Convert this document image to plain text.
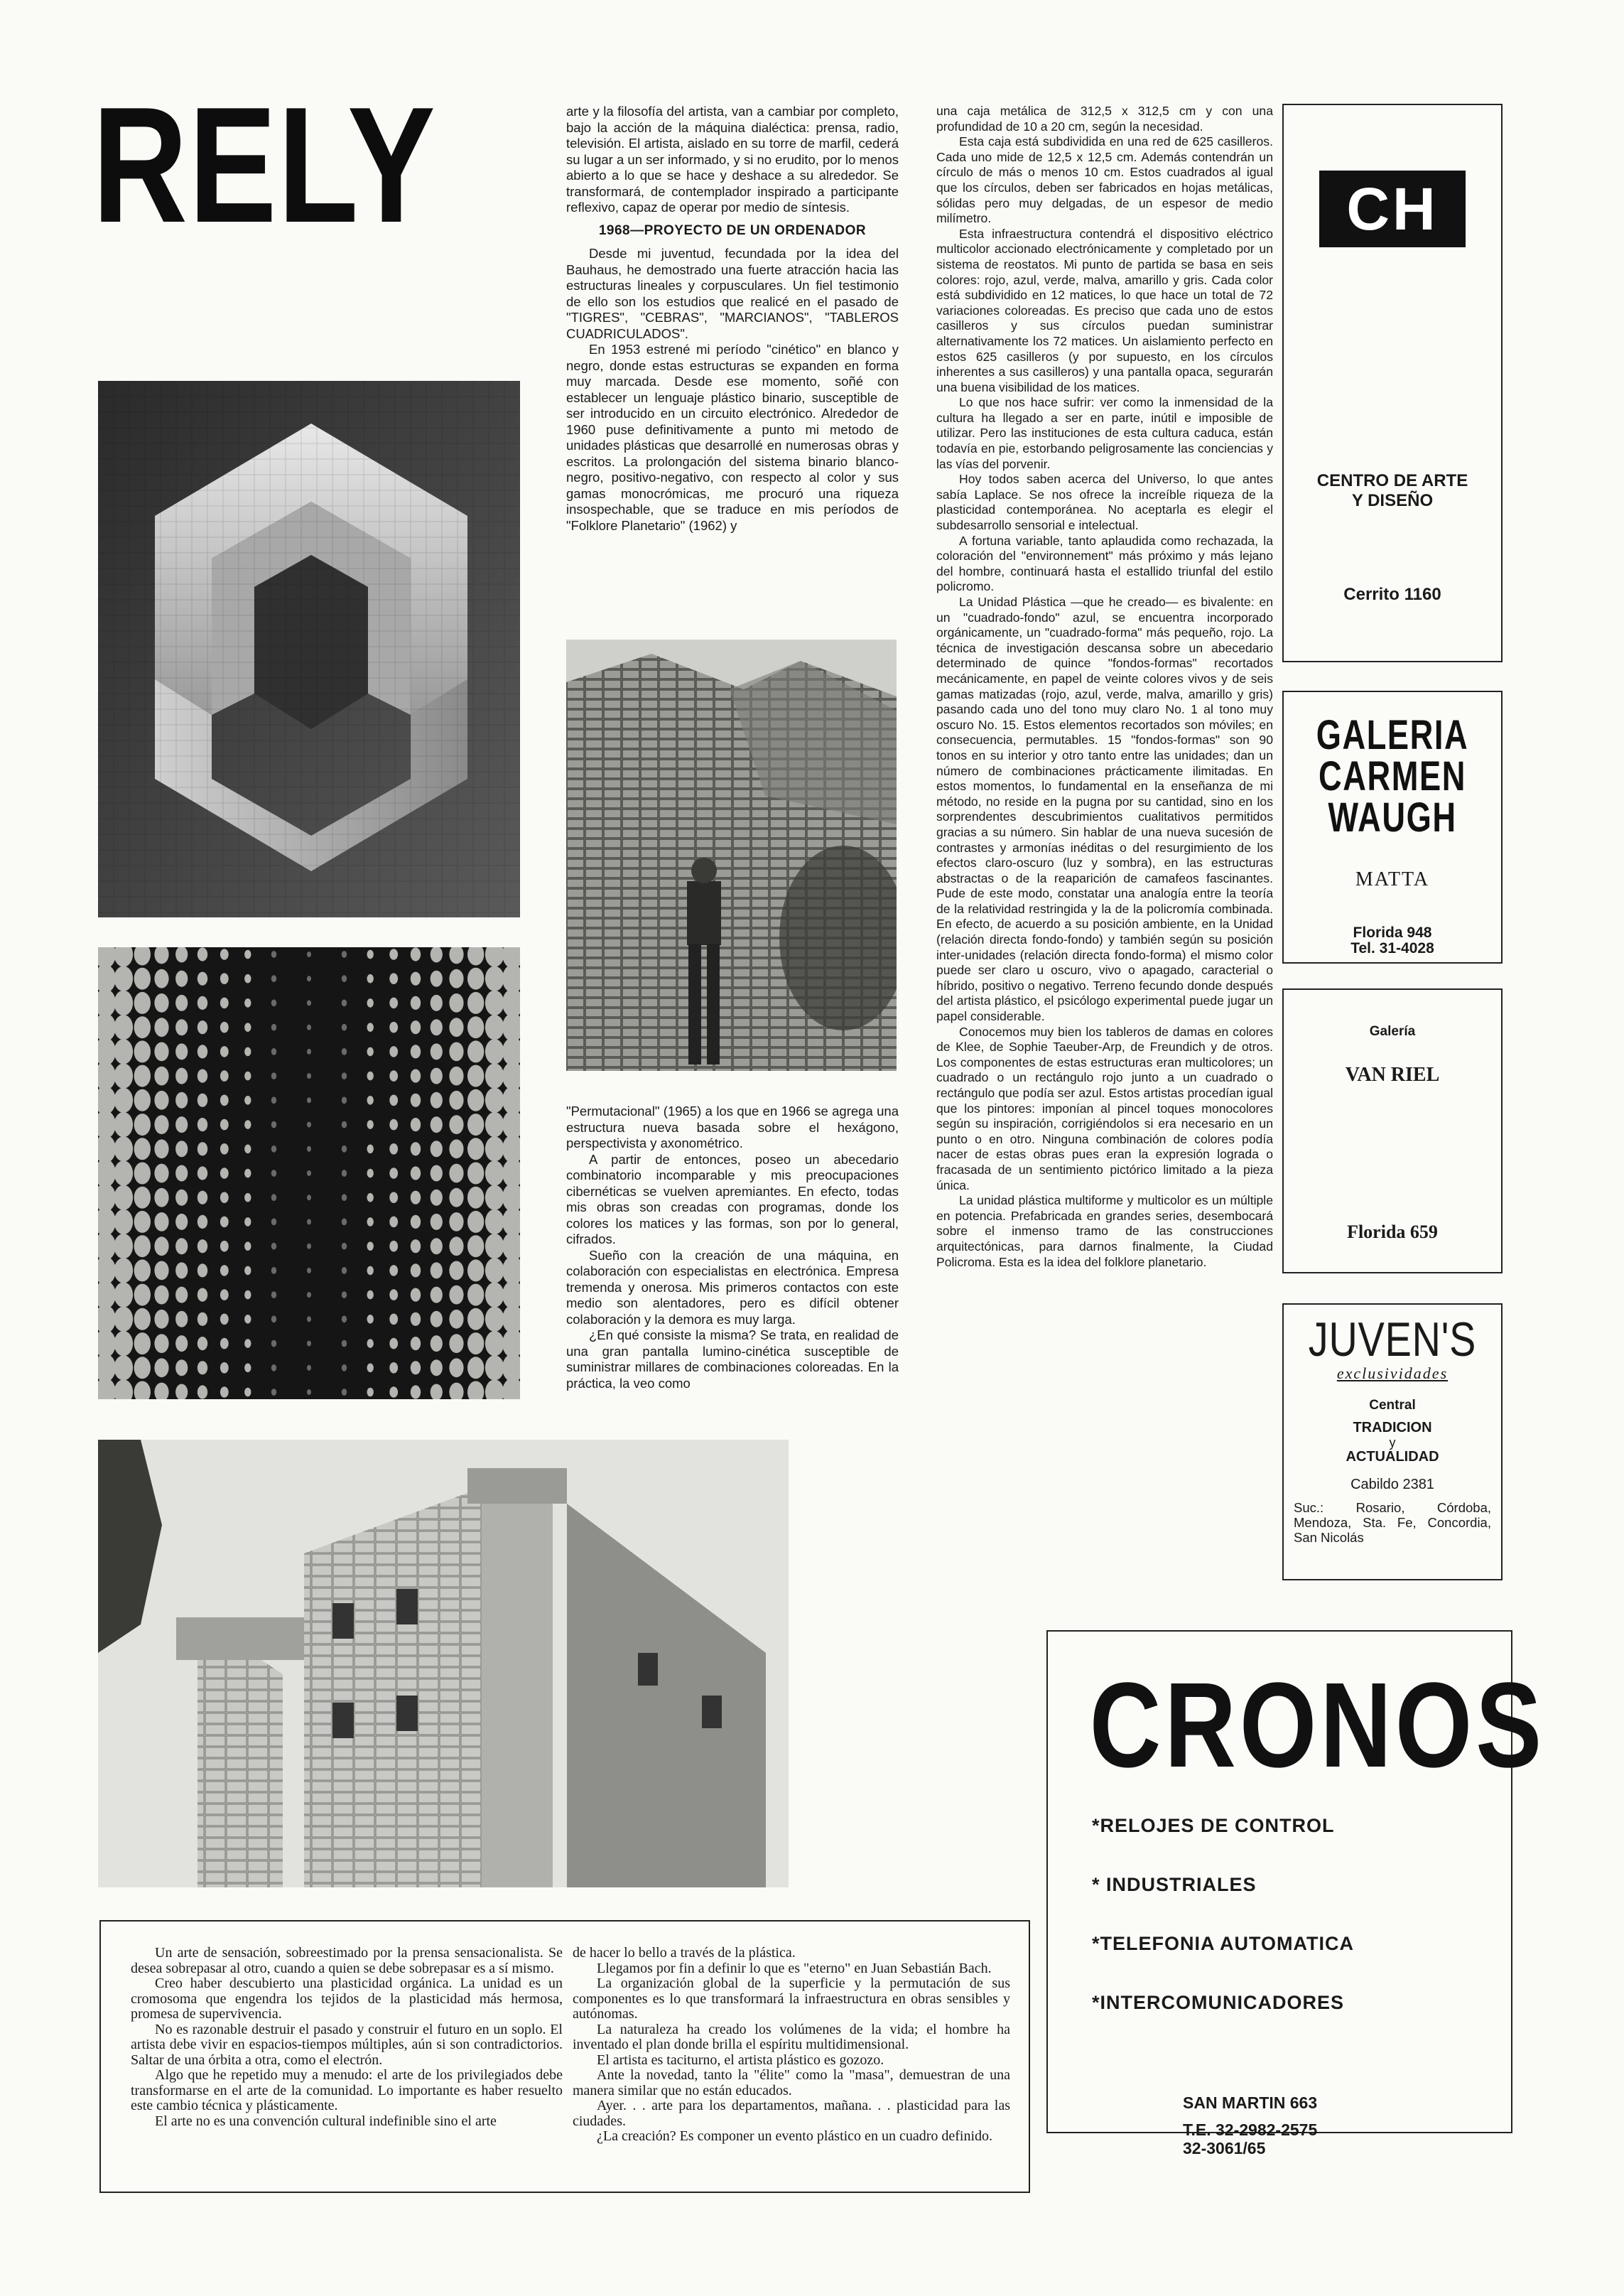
RELY	arte y la filosofía del artista, van a cambiar por completo, bajo la acción de la máquina dialéctica: prensa, radio, televisión. El artista, aislado en su torre de marfil, cederá su lugar a un ser informado, y si no erudito, por lo menos abierto a lo que se hace y deshace a su alrededor. Se transformará, de contemplador inspirado a participante reflexivo, capaz de operar por medio de síntesis.

1968—PROYECTO DE UN ORDENADOR

Desde mi juventud, fecundada por la idea del Bauhaus, he demostrado una fuerte atracción hacia las estructuras lineales y corpusculares. Un fiel testimonio de ello son los estudios que realicé en el pasado de "TIGRES", "CEBRAS", "MARCIANOS", "TABLEROS CUADRICULADOS".

En 1953 estrené mi período "cinético" en blanco y negro, donde estas estructuras se expanden en forma muy marcada. Desde ese momento, soñé con establecer un lenguaje plástico binario, susceptible de ser introducido en un circuito electrónico. Alrededor de 1960 puse definitivamente a punto mi metodo de unidades plásticas que desarrollé en numerosas obras y escritos. La prolongación del sistema binario blanco-negro, positivo-negativo, con respecto al color y sus gamas monocrómicas, me procuró una riqueza insospechable, que se traduce en mis períodos de "Folklore Planetario" (1962) y

"Permutacional" (1965) a los que en 1966 se agrega una estructura nueva basada sobre el hexágono, perspectivista y axonométrico.

A partir de entonces, poseo un abecedario combinatorio incomparable y mis preocupaciones cibernéticas se vuelven apremiantes. En efecto, todas mis obras son creadas con programas, donde los colores los matices y las formas, son por lo general, cifrados.

Sueño con la creación de una máquina, en colaboración con especialistas en electrónica. Empresa tremenda y onerosa. Mis primeros contactos con este medio son alentadores, pero es difícil obtener colaboración y la demora es muy larga.

¿En qué consiste la misma? Se trata, en realidad de una gran pantalla lumino-cinética susceptible de suministrar millares de combinaciones coloreadas. En la práctica, la veo como

una caja metálica de 312,5 x 312,5 cm y con una profundidad de 10 a 20 cm, según la necesidad.

Esta caja está subdividida en una red de 625 casilleros. Cada uno mide de 12,5 x 12,5 cm. Además contendrán un círculo de más o menos 10 cm. Estos cuadrados al igual que los círculos, deben ser fabricados en hojas metálicas, sólidas pero muy delgadas, de un espesor de medio milímetro.

Esta infraestructura contendrá el dispositivo eléctrico multicolor accionado electrónicamente y completado por un sistema de reostatos. Mi punto de partida se basa en seis colores: rojo, azul, verde, malva, amarillo y gris. Cada color está subdividido en 12 matices, lo que hace un total de 72 variaciones coloreadas. Es preciso que cada uno de estos casilleros y sus círculos puedan suministrar alternativamente los 72 matices. Un aislamiento perfecto en estos 625 casilleros (y por supuesto, en los círculos inherentes a sus casilleros) y una pantalla opaca, segurarán una buena visibilidad de los matices.

Lo que nos hace sufrir: ver como la inmensidad de la cultura ha llegado a ser en parte, inútil e imposible de utilizar. Pero las instituciones de esta cultura caduca, están todavía en pie, estorbando peligrosamente las conciencias y las vías del porvenir.

Hoy todos saben acerca del Universo, lo que antes sabía Laplace. Se nos ofrece la increíble riqueza de la plasticidad contemporánea. No aceptarla es elegir el subdesarrollo sensorial e intelectual.

A fortuna variable, tanto aplaudida como rechazada, la coloración del "environnement" más próximo y más lejano del hombre, continuará hasta el estallido triunfal del estilo policromo.

La Unidad Plástica —que he creado— es bivalente: en un "cuadrado-fondo" azul, se encuentra incorporado orgánicamente, un "cuadrado-forma" más pequeño, rojo. La técnica de investigación descansa sobre un abecedario determinado de quince "fondos-formas" recortados mecánicamente, en papel de veinte colores vivos y de seis gamas matizadas (rojo, azul, verde, malva, amarillo y gris) pasando cada uno del tono muy claro No. 1 al tono muy oscuro No. 15. Estos elementos recortados son móviles; en consecuencia, permutables. 15 "fondos-formas" son 90 tonos en su interior y otro tanto entre las unidades; dan un número de combinaciones prácticamente ilimitadas. En estos momentos, lo fundamental en la enseñanza de mi método, no reside en la pugna por su cantidad, sino en los sorprendentes descubrimientos cualitativos permitidos gracias a su número. Sin hablar de una nueva sucesión de contrastes y armonías inéditas o del resurgimiento de los efectos claro-oscuro (luz y sombra), en las estructuras abstractas o de la reaparición de camafeos fascinantes. Pude de este modo, constatar una analogía entre la teoría de la relatividad restringida y la de la policromía combinada. En efecto, de acuerdo a su posición ambiente, en la Unidad (relación directa fondo-fondo) y también según su posición inter-unidades (relación directa fondo-forma) el mismo color puede ser claro u oscuro, vivo o apagado, caracterial o híbrido, positivo o negativo. Terreno fecundo donde después del artista plástico, el psicólogo experimental puede jugar un papel considerable.

Conocemos muy bien los tableros de damas en colores de Klee, de Sophie Taeuber-Arp, de Freundich y de otros. Los componentes de estas estructuras eran multicolores; un cuadrado o un rectángulo rojo junto a un cuadrado o rectángulo que podía ser azul. Estos artistas procedían igual que los pintores: imponían al pincel toques monocolores según su inspiración, corrigiéndolos si era necesario en un punto o en otro. Ninguna combinación de colores podía nacer de estas obras pues eran la expresión lograda o fracasada de un sentimiento pictórico limitado a la pieza única.

La unidad plástica multiforme y multicolor es un múltiple en potencia. Prefabricada en grandes series, desembocará sobre el inmenso tramo de las construcciones arquitectónicas, para darnos finalmente, la Ciudad Policroma. Esta es la idea del folklore planetario.

CH
CENTRO DE ARTE Y DISEÑO
Cerrito 1160
GALERIA
CARMEN
WAUGH
MATTA
Florida 948
Tel. 31-4028
Galería
VAN RIEL
Florida 659
JUVEN'S
exclusividades
Central
TRADICION
y
ACTUALIDAD
Cabildo 2381
Suc.: Rosario, Córdoba, Mendoza, Sta. Fe, Concordia, San Nicolás
CRONOS
*RELOJES DE CONTROL
* INDUSTRIALES
*TELEFONIA AUTOMATICA
*INTERCOMUNICADORES
SAN MARTIN 663
T.E. 32-2982-2575
32-3061/65

Un arte de sensación, sobreestimado por la prensa sensacionalista. Se desea sobrepasar al otro, cuando a quien se debe sobrepasar es a sí mismo.

Creo haber descubierto una plasticidad orgánica. La unidad es un cromosoma que engendra los tejidos de la plasticidad más hermosa, promesa de supervivencia.

No es razonable destruir el pasado y construir el futuro en un soplo. El artista debe vivir en espacios-tiempos múltiples, aún si son contradictorios. Saltar de una órbita a otra, como el electrón.

Algo que he repetido muy a menudo: el arte de los privilegiados debe transformarse en el arte de la comunidad. Lo importante es haber resuelto este cambio técnica y plásticamente.

El arte no es una convención cultural indefinible sino el arte

de hacer lo bello a través de la plástica.

Llegamos por fin a definir lo que es "eterno" en Juan Sebastián Bach.

La organización global de la superficie y la permutación de sus componentes es lo que transformará la infraestructura en obras sensibles y autónomas.

La naturaleza ha creado los volúmenes de la vida; el hombre ha inventado el plan donde brilla el espíritu multidimensional.

El artista es taciturno, el artista plástico es gozozo.

Ante la novedad, tanto la "élite" como la "masa", demuestran de una manera similar que no están educados.

Ayer. . . arte para los departamentos, mañana. . . plasticidad para las ciudades.

¿La creación? Es componer un evento plástico en un cuadro definido.
